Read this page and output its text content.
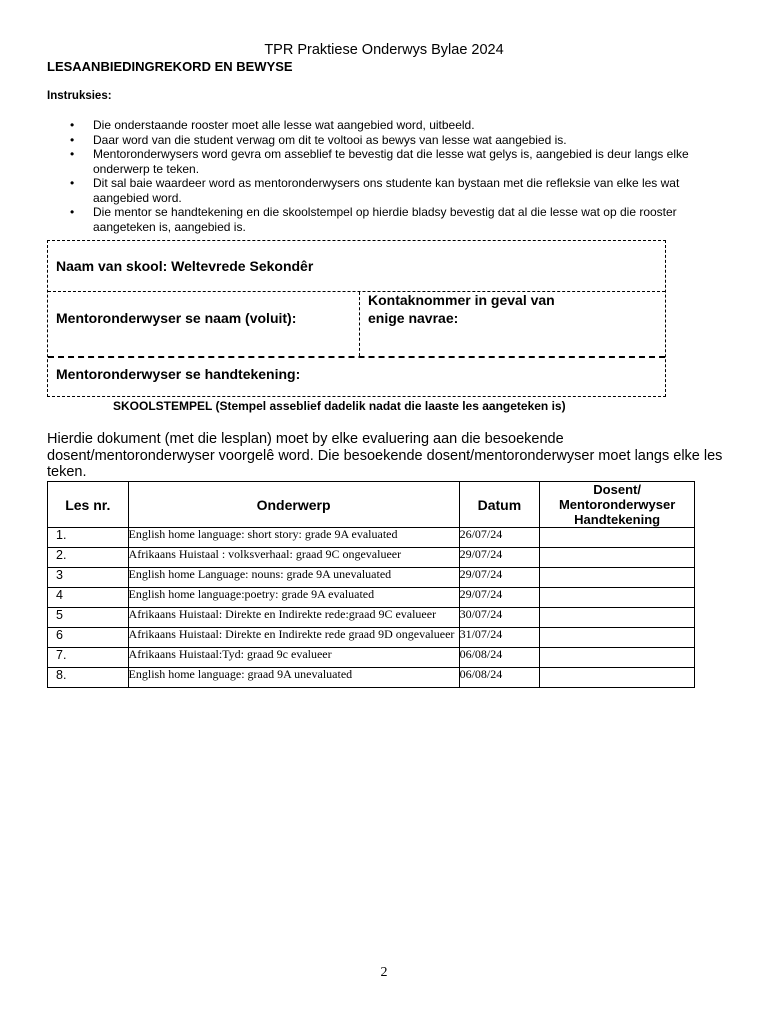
TPR Praktiese Onderwys Bylae 2024
LESAANBIEDINGREKORD EN BEWYSE
Instruksies:
• Die onderstaande rooster moet alle lesse wat aangebied word, uitbeeld.
• Daar word van die student verwag om dit te voltooi as bewys van lesse wat aangebied is.
• Mentoronderwysers word gevra om asseblief te bevestig dat die lesse wat gelys is, aangebied is deur langs elke onderwerp te teken.
• Dit sal baie waardeer word as mentoronderwysers ons studente kan bystaan met die refleksie van elke les wat aangebied word.
• Die mentor se handtekening en die skoolstempel op hierdie bladsy bevestig dat al die lesse wat op die rooster aangeteken is, aangebied is.
Naam van skool: Weltevrede Sekondêr
Mentoronderwyser se naam (voluit):
Kontaknommer in geval van
enige navrae:
Mentoronderwyser se handtekening:
SKOOLSTEMPEL (Stempel asseblief dadelik nadat die laaste les aangeteken is)
Hierdie dokument (met die lesplan) moet by elke evaluering aan die besoekende dosent/mentoronderwyser voorgelê word. Die besoekende dosent/mentoronderwyser moet langs elke les teken.
Les nr.	Onderwerp	Datum	Dosent/
Mentoronderwyser
Handtekening

1.	English home language: short story: grade 9A evaluated	26/07/24	
2.	Afrikaans Huistaal : volksverhaal: graad 9C ongevalueer	29/07/24	
3	English home Language: nouns: grade 9A unevaluated	29/07/24	
4	English home language:poetry: grade 9A evaluated	29/07/24	
5	Afrikaans Huistaal: Direkte en Indirekte rede:graad 9C evalueer	30/07/24	
6	Afrikaans Huistaal: Direkte en Indirekte rede graad 9D ongevalueer	31/07/24	
7.	Afrikaans Huistaal:Tyd: graad 9c evalueer	06/08/24	
8.	English home language: graad 9A unevaluated	06/08/24	
2
